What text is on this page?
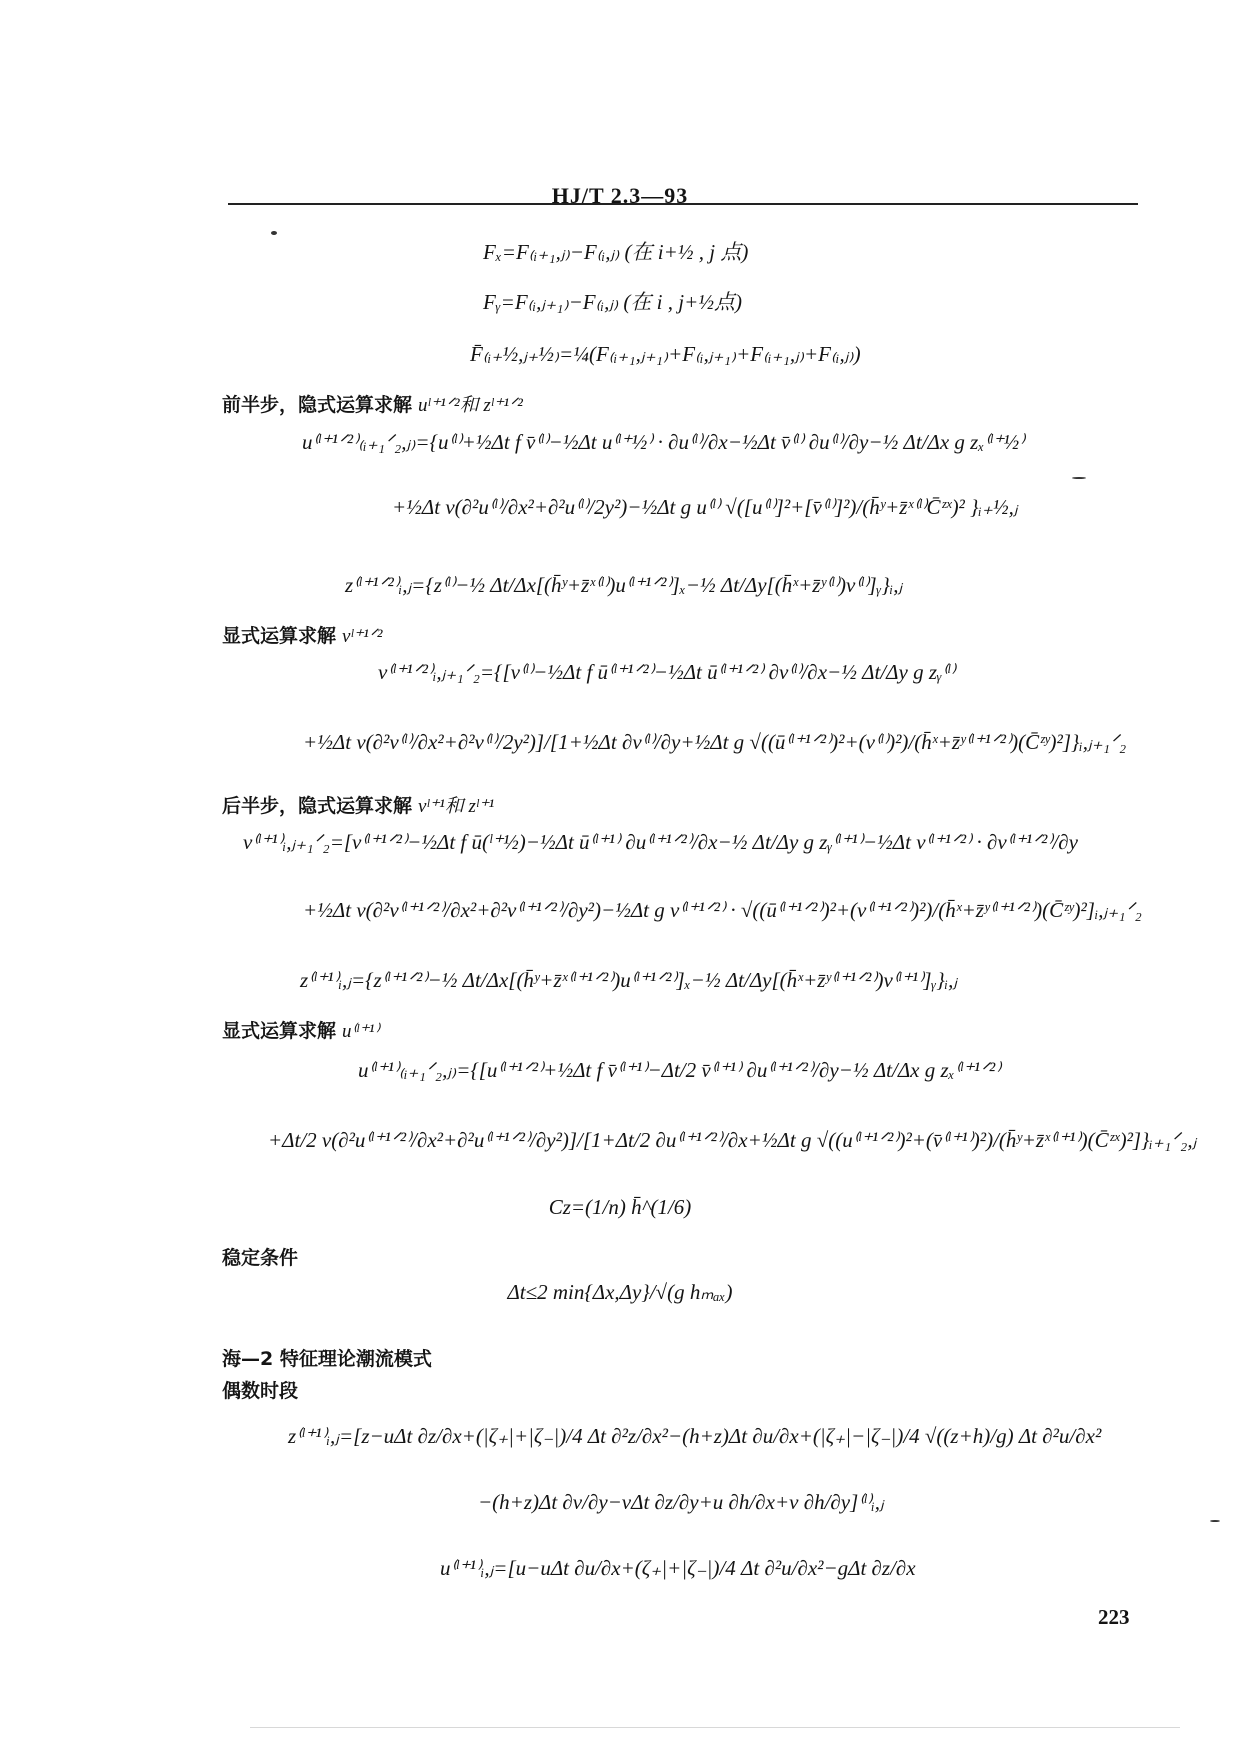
HJ/T 2.3—93
Fₓ=F₍ᵢ₊₁,ⱼ₎−F₍ᵢ,ⱼ₎ (在 i+½ , j 点)
Fᵧ=F₍ᵢ,ⱼ₊₁₎−F₍ᵢ,ⱼ₎ (在 i , j+½点)
F̄₍ᵢ₊½,ⱼ₊½₎=¼(F₍ᵢ₊₁,ⱼ₊₁₎+F₍ᵢ,ⱼ₊₁₎+F₍ᵢ₊₁,ⱼ₎+F₍ᵢ,ⱼ₎)
前半步，隐式运算求解 uˡ⁺¹ᐟ²和 zˡ⁺¹ᐟ²
u⁽ˡ⁺¹ᐟ²⁾₍ᵢ₊₁ᐟ₂,ⱼ₎={u⁽ˡ⁾+½Δt f v̄⁽ˡ⁾−½Δt u⁽ˡ⁺½⁾ · ∂u⁽ˡ⁾/∂x−½Δt v̄⁽ˡ⁾ ∂u⁽ˡ⁾/∂y−½ Δt/Δx g zₓ⁽ˡ⁺½⁾
+½Δt ν(∂²u⁽ˡ⁾/∂x²+∂²u⁽ˡ⁾/2y²)−½Δt g u⁽ˡ⁾ √([u⁽ˡ⁾]²+[v̄⁽ˡ⁾]²)/(h̄ʸ+z̄ˣ⁽ˡ⁾C̄ᶻˣ)² }ᵢ₊½,ⱼ
z⁽ˡ⁺¹ᐟ²⁾ᵢ,ⱼ={z⁽ˡ⁾−½ Δt/Δx[(h̄ʸ+z̄ˣ⁽ˡ⁾)u⁽ˡ⁺¹ᐟ²⁾]ₓ−½ Δt/Δy[(h̄ˣ+z̄ʸ⁽ˡ⁾)v⁽ˡ⁾]ᵧ}ᵢ,ⱼ
显式运算求解 vˡ⁺¹ᐟ²
v⁽ˡ⁺¹ᐟ²⁾ᵢ,ⱼ₊₁ᐟ₂={[v⁽ˡ⁾−½Δt f ū⁽ˡ⁺¹ᐟ²⁾−½Δt ū⁽ˡ⁺¹ᐟ²⁾ ∂v⁽ˡ⁾/∂x−½ Δt/Δy g zᵧ⁽ˡ⁾
+½Δt ν(∂²v⁽ˡ⁾/∂x²+∂²v⁽ˡ⁾/2y²)]/[1+½Δt ∂v⁽ˡ⁾/∂y+½Δt g √((ū⁽ˡ⁺¹ᐟ²⁾)²+(v⁽ˡ⁾)²)/(h̄ˣ+z̄ʸ⁽ˡ⁺¹ᐟ²⁾)(C̄ᶻʸ)²]}ᵢ,ⱼ₊₁ᐟ₂
后半步，隐式运算求解 vˡ⁺¹和 zˡ⁺¹
v⁽ˡ⁺¹⁾ᵢ,ⱼ₊₁ᐟ₂=[v⁽ˡ⁺¹ᐟ²⁾−½Δt f ū(ˡ⁺½)−½Δt ū⁽ˡ⁺¹⁾ ∂u⁽ˡ⁺¹ᐟ²⁾/∂x−½ Δt/Δy g zᵧ⁽ˡ⁺¹⁾−½Δt ν⁽ˡ⁺¹ᐟ²⁾ · ∂v⁽ˡ⁺¹ᐟ²⁾/∂y
+½Δt ν(∂²v⁽ˡ⁺¹ᐟ²⁾/∂x²+∂²v⁽ˡ⁺¹ᐟ²⁾/∂y²)−½Δt g v⁽ˡ⁺¹ᐟ²⁾ · √((ū⁽ˡ⁺¹ᐟ²⁾)²+(v⁽ˡ⁺¹ᐟ²⁾)²)/(h̄ˣ+z̄ʸ⁽ˡ⁺¹ᐟ²⁾)(C̄ᶻʸ)²]ᵢ,ⱼ₊₁ᐟ₂
z⁽ˡ⁺¹⁾ᵢ,ⱼ={z⁽ˡ⁺¹ᐟ²⁾−½ Δt/Δx[(h̄ʸ+z̄ˣ⁽ˡ⁺¹ᐟ²⁾)u⁽ˡ⁺¹ᐟ²⁾]ₓ−½ Δt/Δy[(h̄ˣ+z̄ʸ⁽ˡ⁺¹ᐟ²⁾)v⁽ˡ⁺¹⁾]ᵧ}ᵢ,ⱼ
显式运算求解 u⁽ˡ⁺¹⁾
u⁽ˡ⁺¹⁾₍ᵢ₊₁ᐟ₂,ⱼ₎={[u⁽ˡ⁺¹ᐟ²⁾+½Δt f v̄⁽ˡ⁺¹⁾−Δt/2 v̄⁽ˡ⁺¹⁾ ∂u⁽ˡ⁺¹ᐟ²⁾/∂y−½ Δt/Δx g zₓ⁽ˡ⁺¹ᐟ²⁾
+Δt/2 ν(∂²u⁽ˡ⁺¹ᐟ²⁾/∂x²+∂²u⁽ˡ⁺¹ᐟ²⁾/∂y²)]/[1+Δt/2 ∂u⁽ˡ⁺¹ᐟ²⁾/∂x+½Δt g √((u⁽ˡ⁺¹ᐟ²⁾)²+(v̄⁽ˡ⁺¹⁾)²)/(h̄ʸ+z̄ˣ⁽ˡ⁺¹⁾)(C̄ᶻˣ)²]}ᵢ₊₁ᐟ₂,ⱼ
Cz=(1/n) h̄^(1/6)
稳定条件
Δt≤2 min{Δx,Δy}/√(g hₘₐₓ)
海—2 特征理论潮流模式
偶数时段
z⁽ˡ⁺¹⁾ᵢ,ⱼ=[z−uΔt ∂z/∂x+(|ζ₊|+|ζ₋|)/4 Δt ∂²z/∂x²−(h+z)Δt ∂u/∂x+(|ζ₊|−|ζ₋|)/4 √((z+h)/g) Δt ∂²u/∂x²
−(h+z)Δt ∂v/∂y−vΔt ∂z/∂y+u ∂h/∂x+v ∂h/∂y]⁽ˡ⁾ᵢ,ⱼ
u⁽ˡ⁺¹⁾ᵢ,ⱼ=[u−uΔt ∂u/∂x+(ζ₊|+|ζ₋|)/4 Δt ∂²u/∂x²−gΔt ∂z/∂x
223
